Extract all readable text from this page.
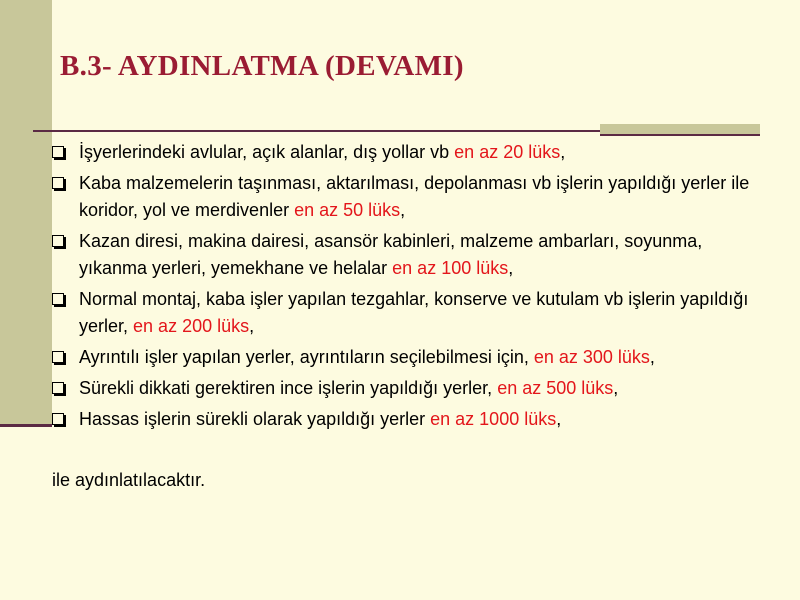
B.3- AYDINLATMA (DEVAMI)
İşyerlerindeki avlular, açık alanlar, dış yollar vb en az 20 lüks,
Kaba malzemelerin taşınması, aktarılması, depolanması vb işlerin yapıldığı yerler ile koridor, yol ve merdivenler en az 50 lüks,
Kazan diresi, makina dairesi, asansör kabinleri, malzeme ambarları, soyunma, yıkanma yerleri, yemekhane ve helalar en az 100 lüks,
Normal montaj, kaba işler yapılan tezgahlar, konserve ve kutulam vb işlerin yapıldığı yerler, en az 200 lüks,
Ayrıntılı işler yapılan yerler, ayrıntıların seçilebilmesi için, en az 300 lüks,
Sürekli dikkati gerektiren ince işlerin yapıldığı yerler, en az 500 lüks,
Hassas işlerin sürekli olarak yapıldığı yerler en az 1000 lüks,
ile aydınlatılacaktır.
